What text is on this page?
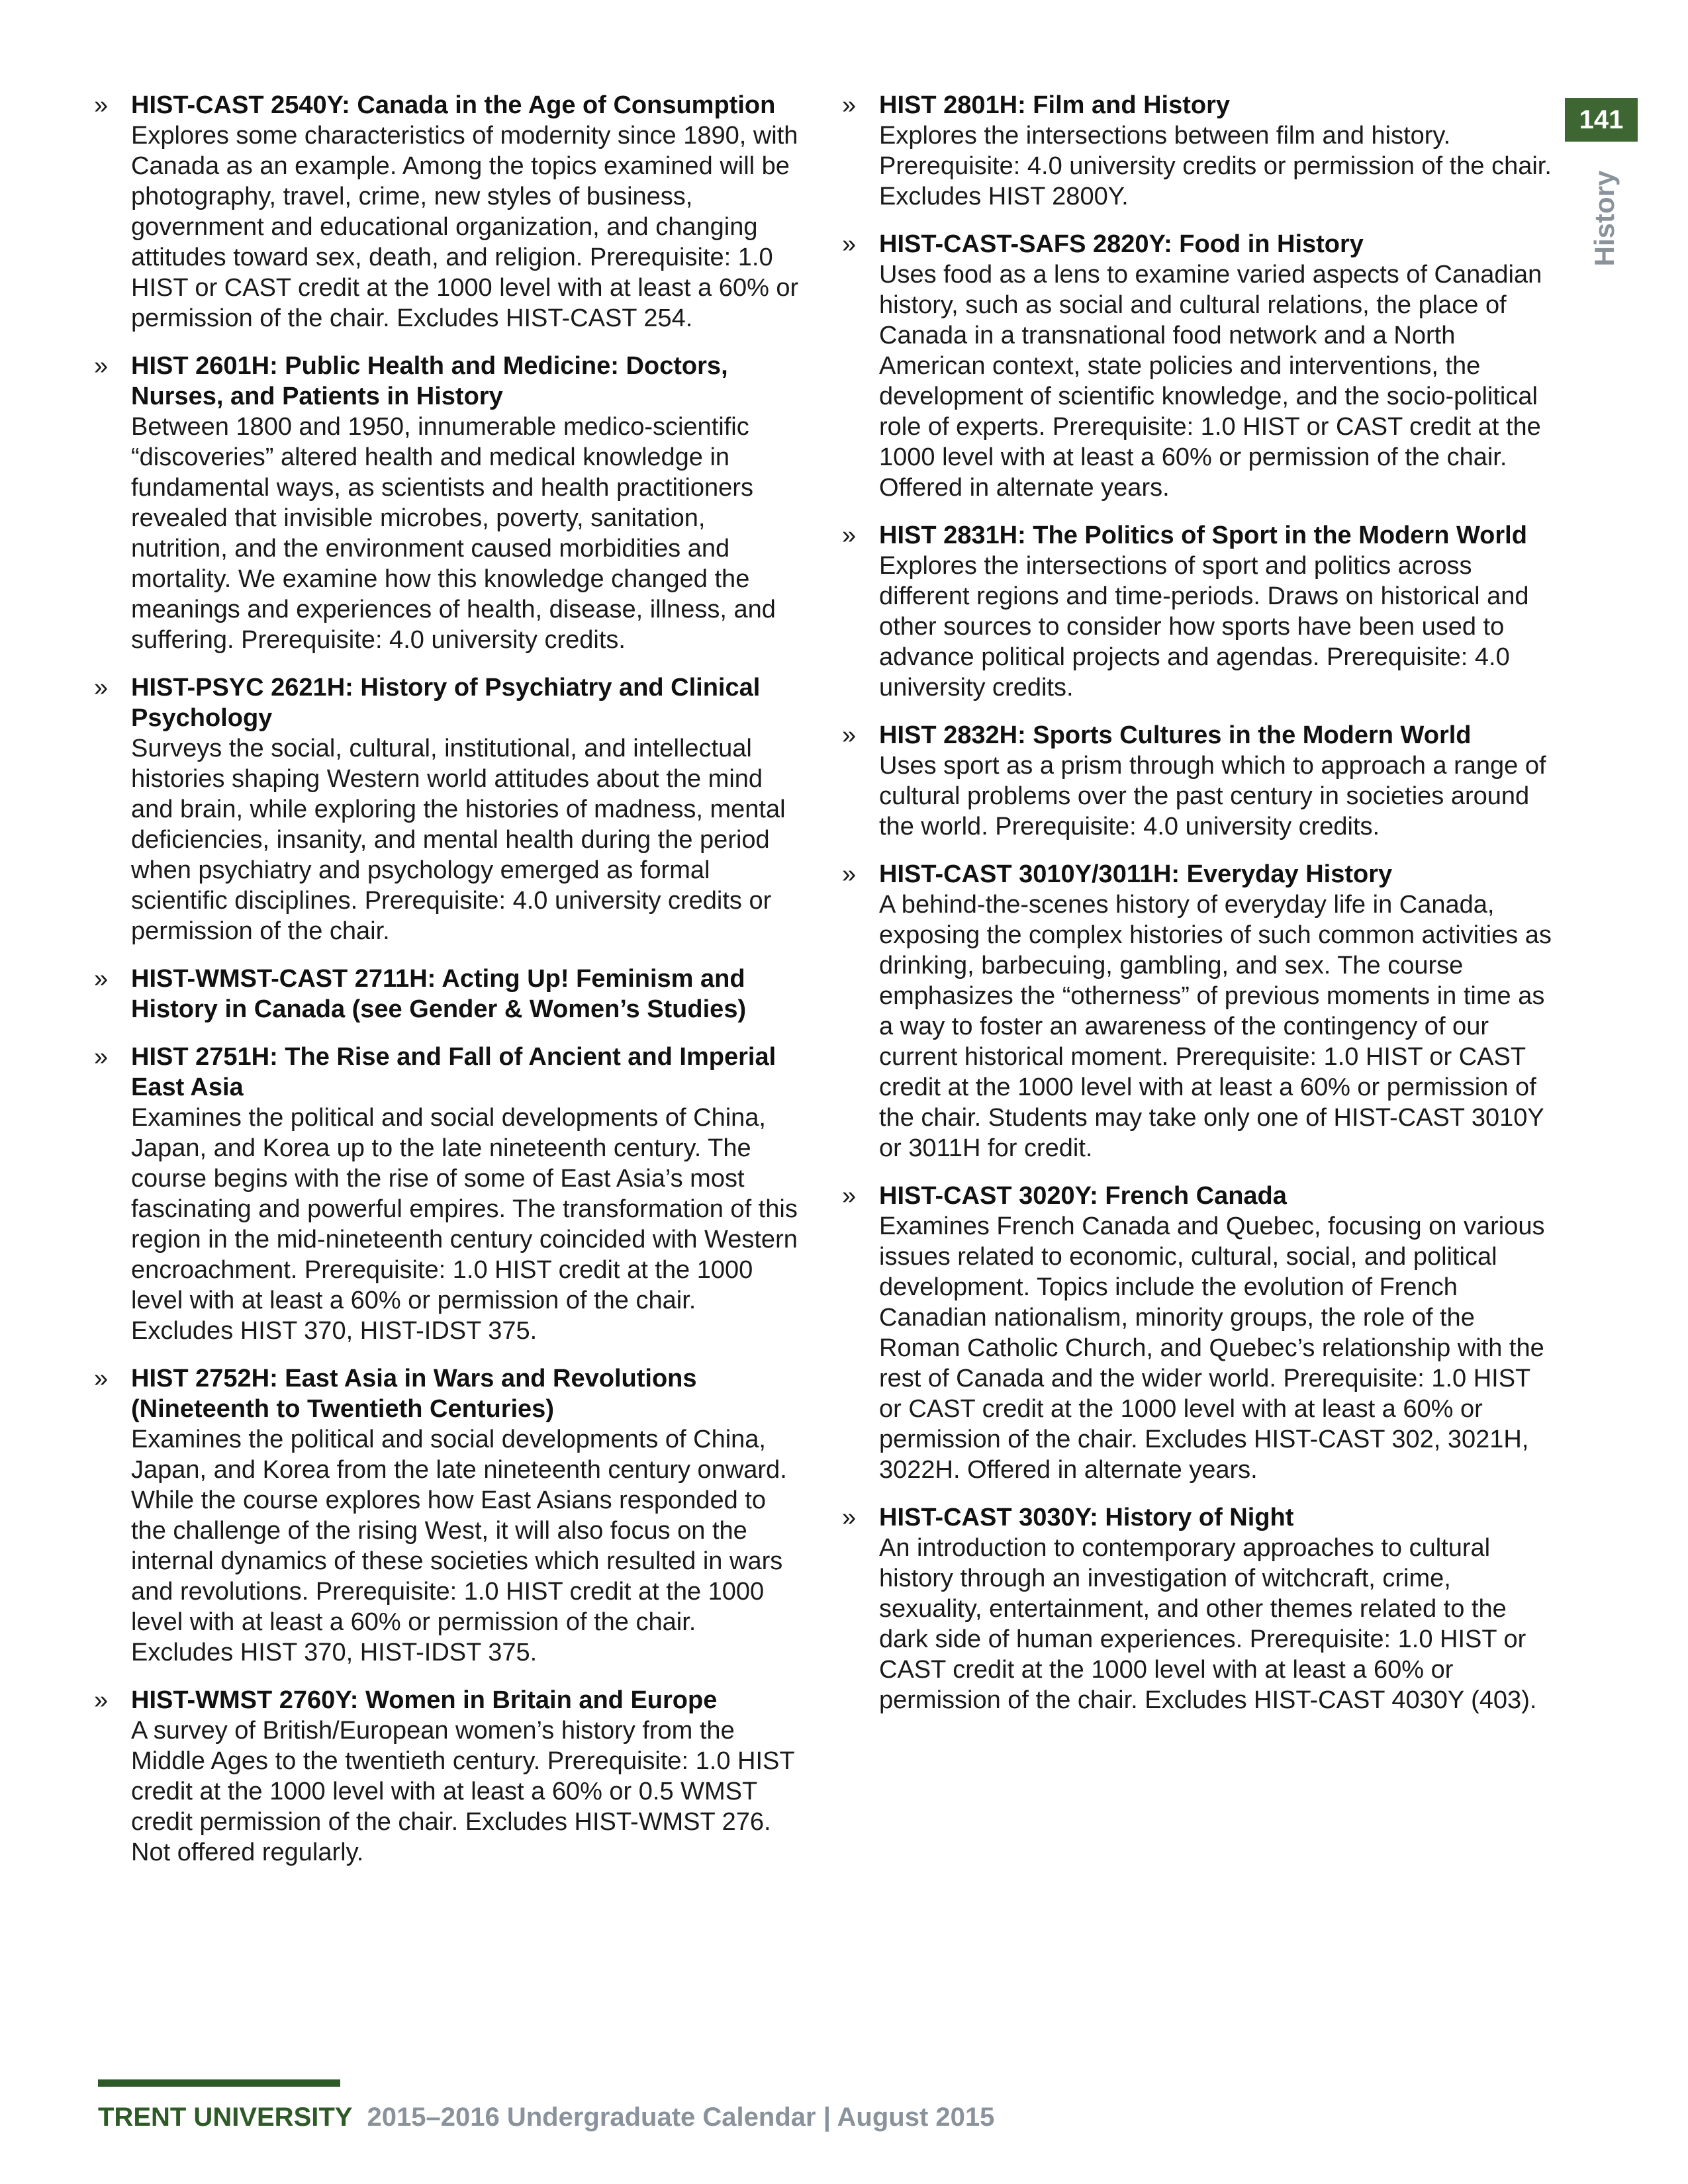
» HIST-CAST 2540Y: Canada in the Age of Consumption
Explores some characteristics of modernity since 1890, with Canada as an example. Among the topics examined will be photography, travel, crime, new styles of business, government and educational organization, and changing attitudes toward sex, death, and religion. Prerequisite: 1.0 HIST or CAST credit at the 1000 level with at least a 60% or permission of the chair. Excludes HIST-CAST 254.
» HIST 2601H: Public Health and Medicine: Doctors, Nurses, and Patients in History
Between 1800 and 1950, innumerable medico-scientific “discoveries” altered health and medical knowledge in fundamental ways, as scientists and health practitioners revealed that invisible microbes, poverty, sanitation, nutrition, and the environment caused morbidities and mortality. We examine how this knowledge changed the meanings and experiences of health, disease, illness, and suffering. Prerequisite: 4.0 university credits.
» HIST-PSYC 2621H: History of Psychiatry and Clinical Psychology
Surveys the social, cultural, institutional, and intellectual histories shaping Western world attitudes about the mind and brain, while exploring the histories of madness, mental deficiencies, insanity, and mental health during the period when psychiatry and psychology emerged as formal scientific disciplines. Prerequisite: 4.0 university credits or permission of the chair.
» HIST-WMST-CAST 2711H: Acting Up! Feminism and History in Canada (see Gender & Women’s Studies)
» HIST 2751H: The Rise and Fall of Ancient and Imperial East Asia
Examines the political and social developments of China, Japan, and Korea up to the late nineteenth century. The course begins with the rise of some of East Asia’s most fascinating and powerful empires. The transformation of this region in the mid-nineteenth century coincided with Western encroachment. Prerequisite: 1.0 HIST credit at the 1000 level with at least a 60% or permission of the chair. Excludes HIST 370, HIST-IDST 375.
» HIST 2752H: East Asia in Wars and Revolutions (Nineteenth to Twentieth Centuries)
Examines the political and social developments of China, Japan, and Korea from the late nineteenth century onward. While the course explores how East Asians responded to the challenge of the rising West, it will also focus on the internal dynamics of these societies which resulted in wars and revolutions. Prerequisite: 1.0 HIST credit at the 1000 level with at least a 60% or permission of the chair. Excludes HIST 370, HIST-IDST 375.
» HIST-WMST 2760Y: Women in Britain and Europe
A survey of British/European women’s history from the Middle Ages to the twentieth century. Prerequisite: 1.0 HIST credit at the 1000 level with at least a 60% or 0.5 WMST credit permission of the chair. Excludes HIST-WMST 276. Not offered regularly.
» HIST 2801H: Film and History
Explores the intersections between film and history. Prerequisite: 4.0 university credits or permission of the chair. Excludes HIST 2800Y.
» HIST-CAST-SAFS 2820Y: Food in History
Uses food as a lens to examine varied aspects of Canadian history, such as social and cultural relations, the place of Canada in a transnational food network and a North American context, state policies and interventions, the development of scientific knowledge, and the socio-political role of experts. Prerequisite: 1.0 HIST or CAST credit at the 1000 level with at least a 60% or permission of the chair. Offered in alternate years.
» HIST 2831H: The Politics of Sport in the Modern World
Explores the intersections of sport and politics across different regions and time-periods. Draws on historical and other sources to consider how sports have been used to advance political projects and agendas. Prerequisite: 4.0 university credits.
» HIST 2832H: Sports Cultures in the Modern World
Uses sport as a prism through which to approach a range of cultural problems over the past century in societies around the world. Prerequisite: 4.0 university credits.
» HIST-CAST 3010Y/3011H: Everyday History
A behind-the-scenes history of everyday life in Canada, exposing the complex histories of such common activities as drinking, barbecuing, gambling, and sex. The course emphasizes the “otherness” of previous moments in time as a way to foster an awareness of the contingency of our current historical moment. Prerequisite: 1.0 HIST or CAST credit at the 1000 level with at least a 60% or permission of the chair. Students may take only one of HIST-CAST 3010Y or 3011H for credit.
» HIST-CAST 3020Y: French Canada
Examines French Canada and Quebec, focusing on various issues related to economic, cultural, social, and political development. Topics include the evolution of French Canadian nationalism, minority groups, the role of the Roman Catholic Church, and Quebec’s relationship with the rest of Canada and the wider world. Prerequisite: 1.0 HIST or CAST credit at the 1000 level with at least a 60% or permission of the chair. Excludes HIST-CAST 302, 3021H, 3022H. Offered in alternate years.
» HIST-CAST 3030Y: History of Night
An introduction to contemporary approaches to cultural history through an investigation of witchcraft, crime, sexuality, entertainment, and other themes related to the dark side of human experiences. Prerequisite: 1.0 HIST or CAST credit at the 1000 level with at least a 60% or permission of the chair. Excludes HIST-CAST 4030Y (403).
141
History
TRENT UNIVERSITY 2015–2016 Undergraduate Calendar | August 2015
